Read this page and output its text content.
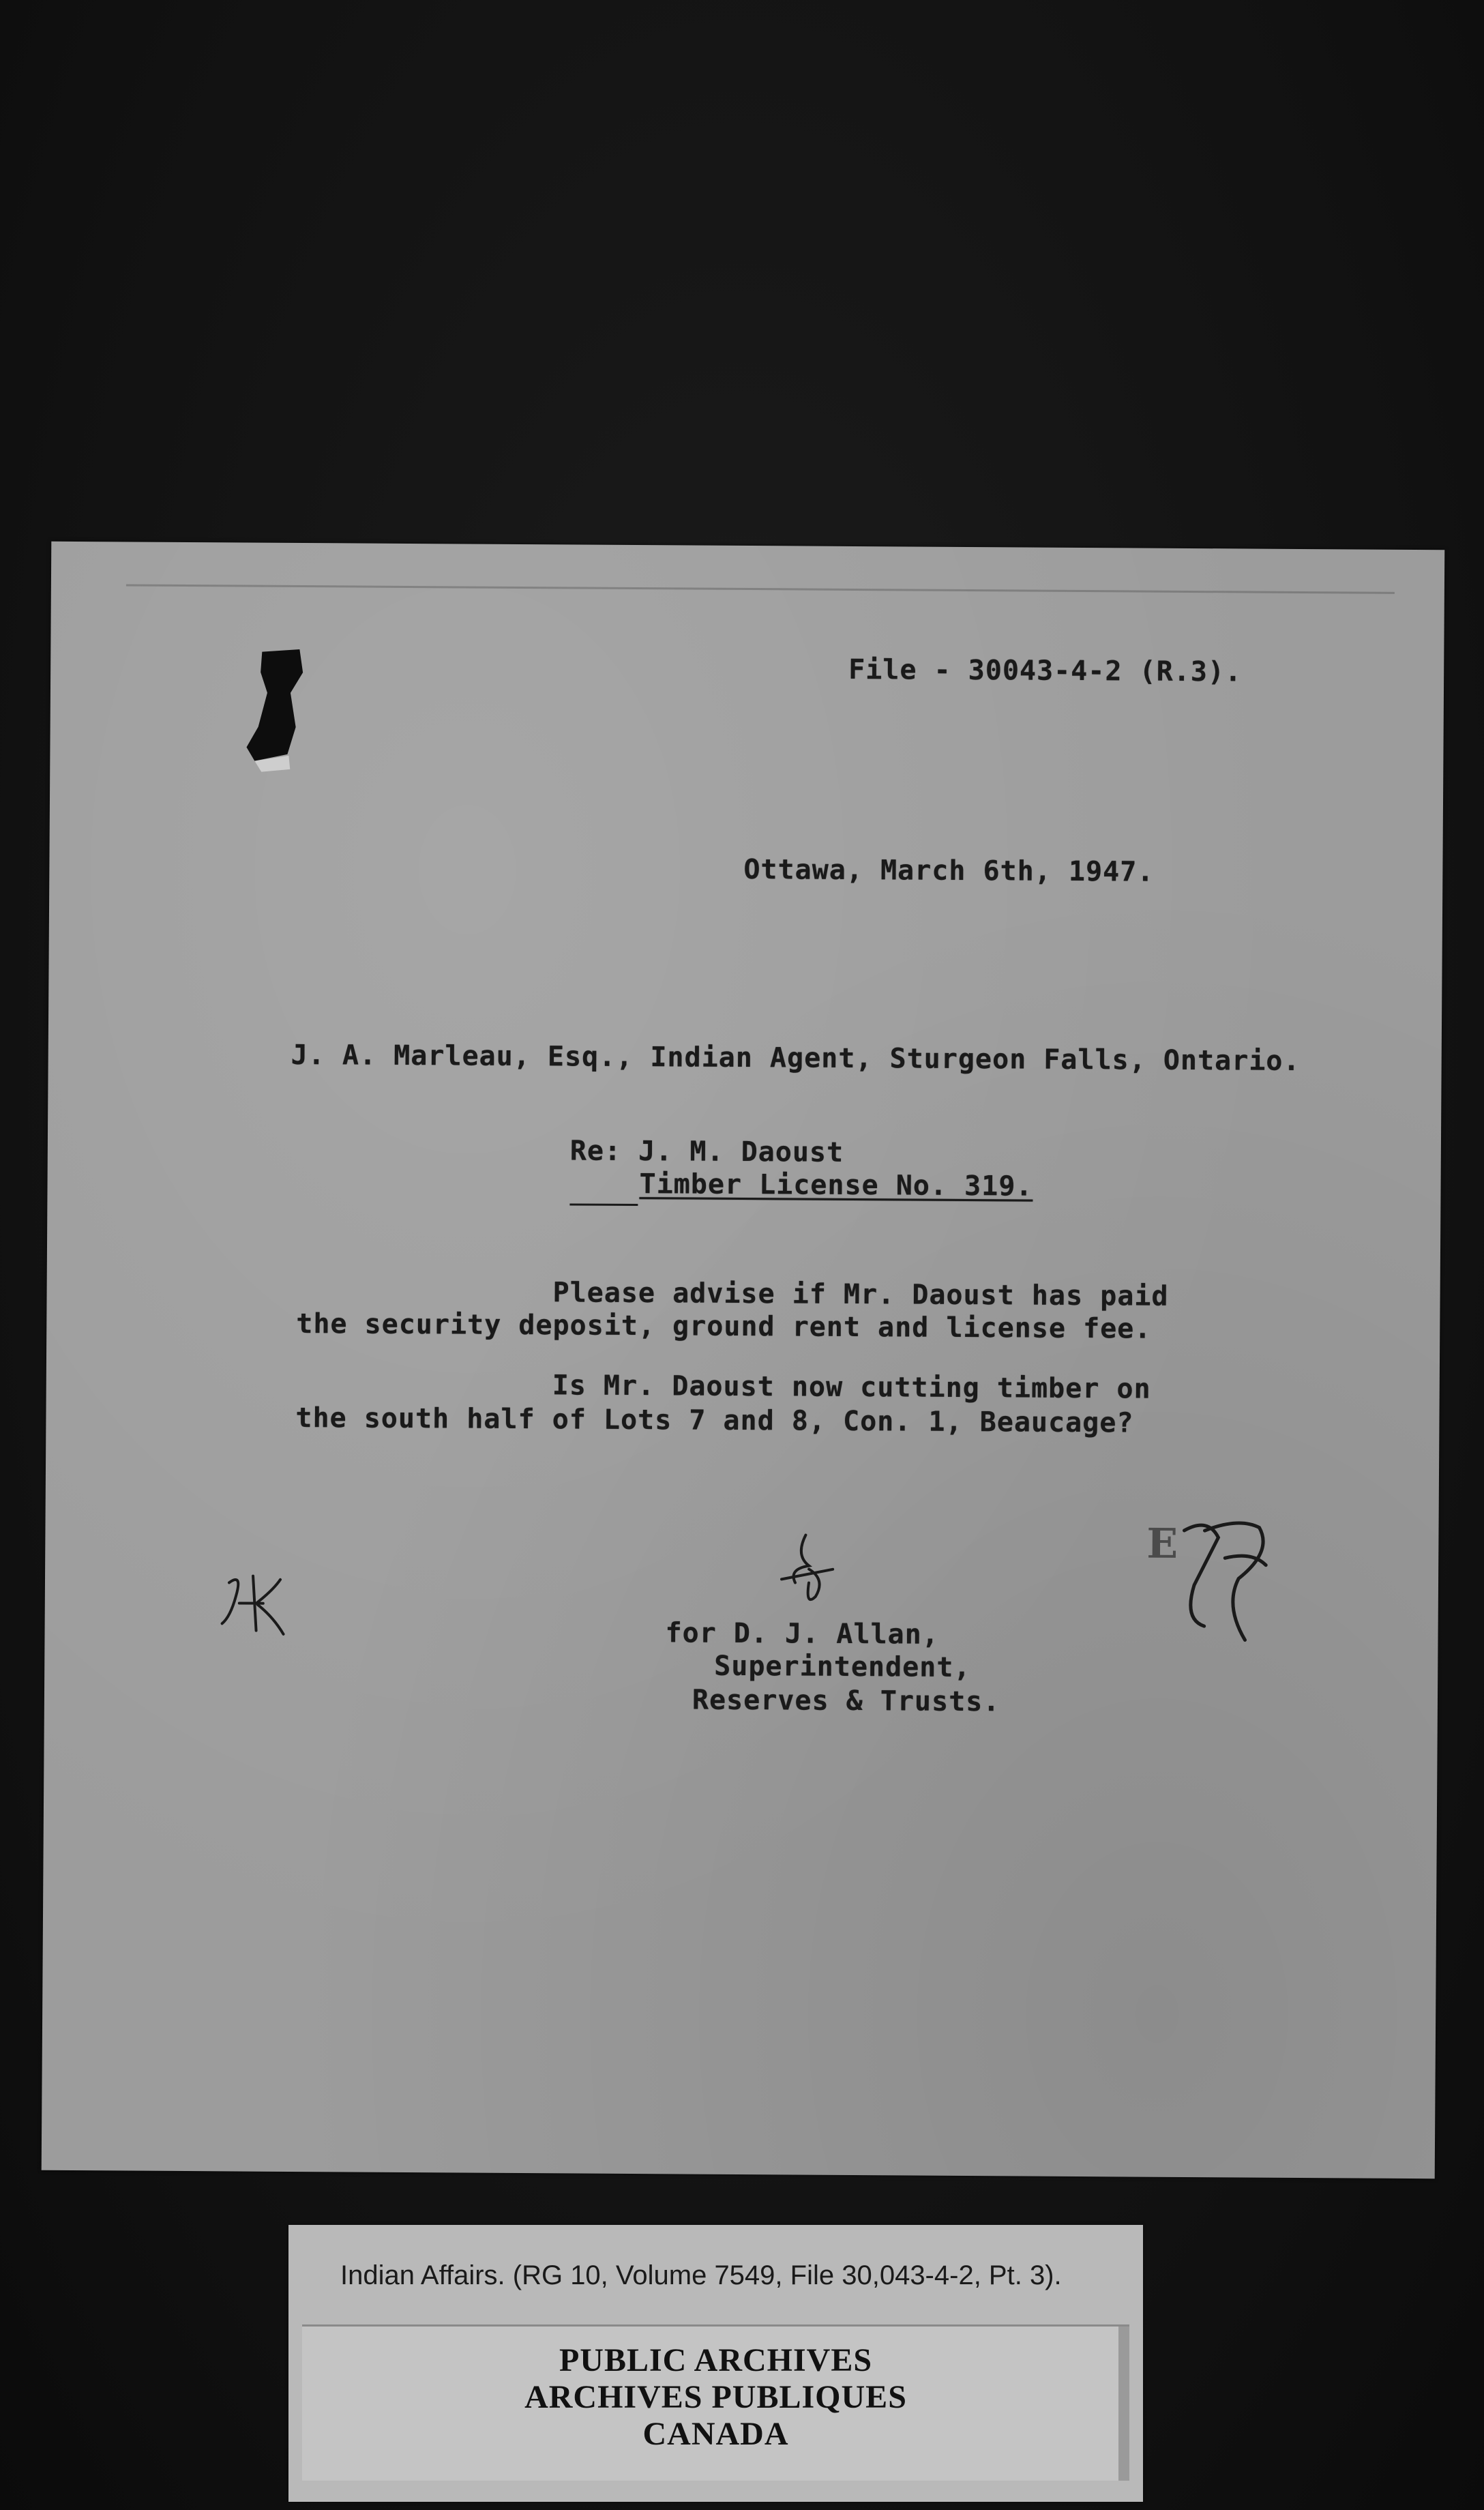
File - 30043-4-2 (R.3).
Ottawa, March 6th, 1947.
J. A. Marleau, Esq., Indian Agent, Sturgeon Falls, Ontario.
Re: J. M. Daoust
Timber License No. 319.
Please advise if Mr. Daoust has paid
the security deposit, ground rent and license fee.
Is Mr. Daoust now cutting timber on
the south half of Lots 7 and 8, Con. 1, Beaucage?
E
for D. J. Allan,
Superintendent,
Reserves & Trusts.
Indian Affairs. (RG 10, Volume 7549, File 30,043-4-2, Pt. 3).
PUBLIC ARCHIVES
ARCHIVES PUBLIQUES
CANADA
